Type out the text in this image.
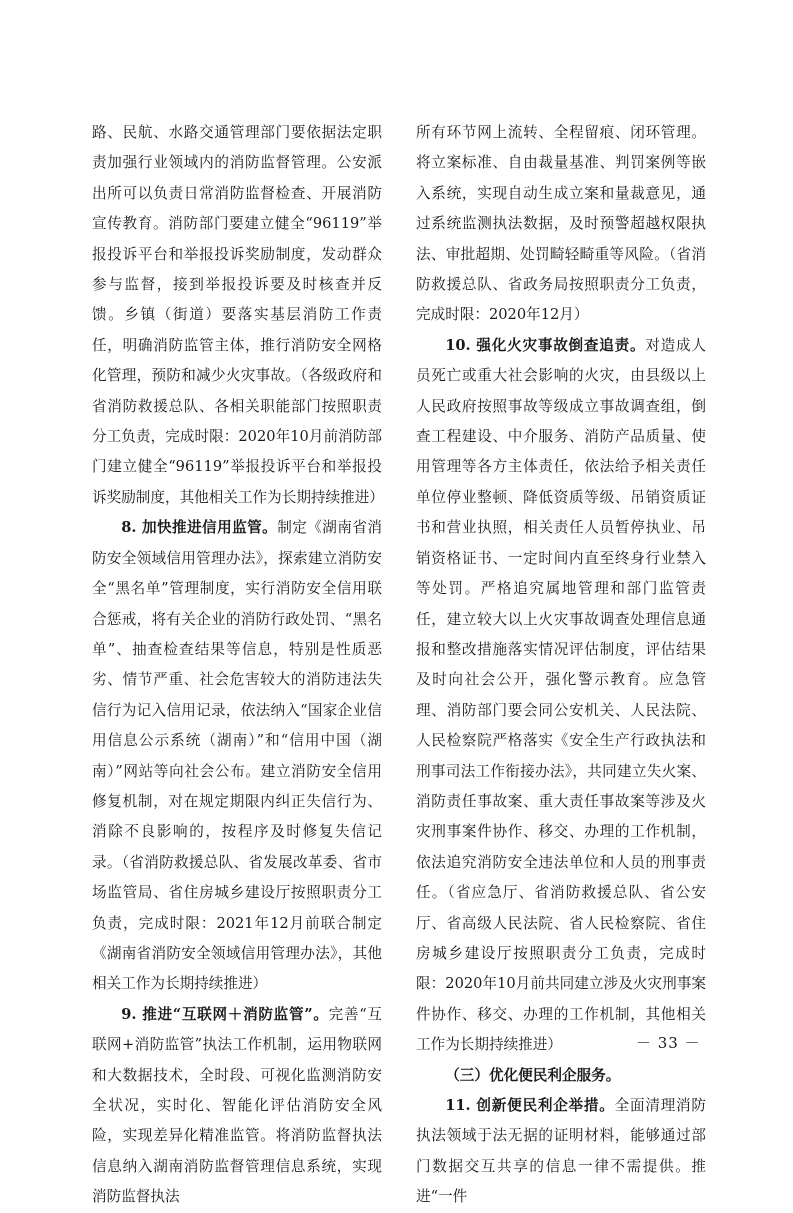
路、民航、水路交通管理部门要依据法定职责加强行业领域内的消防监督管理。公安派出所可以负责日常消防监督检查、开展消防宣传教育。消防部门要建立健全“96119”举报投诉平台和举报投诉奖励制度，发动群众参与监督，接到举报投诉要及时核查并反馈。乡镇（街道）要落实基层消防工作责任，明确消防监管主体，推行消防安全网格化管理，预防和减少火灾事故。（各级政府和省消防救援总队、各相关职能部门按照职责分工负责，完成时限：2020年10月前消防部门建立健全“96119”举报投诉平台和举报投诉奖励制度，其他相关工作为长期持续推进）

8. 加快推进信用监管。制定《湖南省消防安全领域信用管理办法》，探索建立消防安全“黑名单”管理制度，实行消防安全信用联合惩戒，将有关企业的消防行政处罚、“黑名单”、抽查检查结果等信息，特别是性质恶劣、情节严重、社会危害较大的消防违法失信行为记入信用记录，依法纳入“国家企业信用信息公示系统（湖南）”和“信用中国（湖南）”网站等向社会公布。建立消防安全信用修复机制，对在规定期限内纠正失信行为、消除不良影响的，按程序及时修复失信记录。（省消防救援总队、省发展改革委、省市场监管局、省住房城乡建设厅按照职责分工负责，完成时限：2021年12月前联合制定《湖南省消防安全领域信用管理办法》，其他相关工作为长期持续推进）

9. 推进“互联网＋消防监管”。完善“互联网+消防监管”执法工作机制，运用物联网和大数据技术，全时段、可视化监测消防安全状况，实时化、智能化评估消防安全风险，实现差异化精准监管。将消防监督执法信息纳入湖南消防监督管理信息系统，实现消防监督执法

所有环节网上流转、全程留痕、闭环管理。将立案标准、自由裁量基准、判罚案例等嵌入系统，实现自动生成立案和量裁意见，通过系统监测执法数据，及时预警超越权限执法、审批超期、处罚畸轻畸重等风险。（省消防救援总队、省政务局按照职责分工负责，完成时限：2020年12月）

10. 强化火灾事故倒查追责。对造成人员死亡或重大社会影响的火灾，由县级以上人民政府按照事故等级成立事故调查组，倒查工程建设、中介服务、消防产品质量、使用管理等各方主体责任，依法给予相关责任单位停业整顿、降低资质等级、吊销资质证书和营业执照，相关责任人员暂停执业、吊销资格证书、一定时间内直至终身行业禁入等处罚。严格追究属地管理和部门监管责任，建立较大以上火灾事故调查处理信息通报和整改措施落实情况评估制度，评估结果及时向社会公开，强化警示教育。应急管理、消防部门要会同公安机关、人民法院、人民检察院严格落实《安全生产行政执法和刑事司法工作衔接办法》，共同建立失火案、消防责任事故案、重大责任事故案等涉及火灾刑事案件协作、移交、办理的工作机制，依法追究消防安全违法单位和人员的刑事责任。（省应急厅、省消防救援总队、省公安厅、省高级人民法院、省人民检察院、省住房城乡建设厅按照职责分工负责，完成时限：2020年10月前共同建立涉及火灾刑事案件协作、移交、办理的工作机制，其他相关工作为长期持续推进）

（三）优化便民利企服务。

11. 创新便民利企举措。全面清理消防执法领域于法无据的证明材料，能够通过部门数据交互共享的信息一律不需提供。推进“一件

－ 33 －
